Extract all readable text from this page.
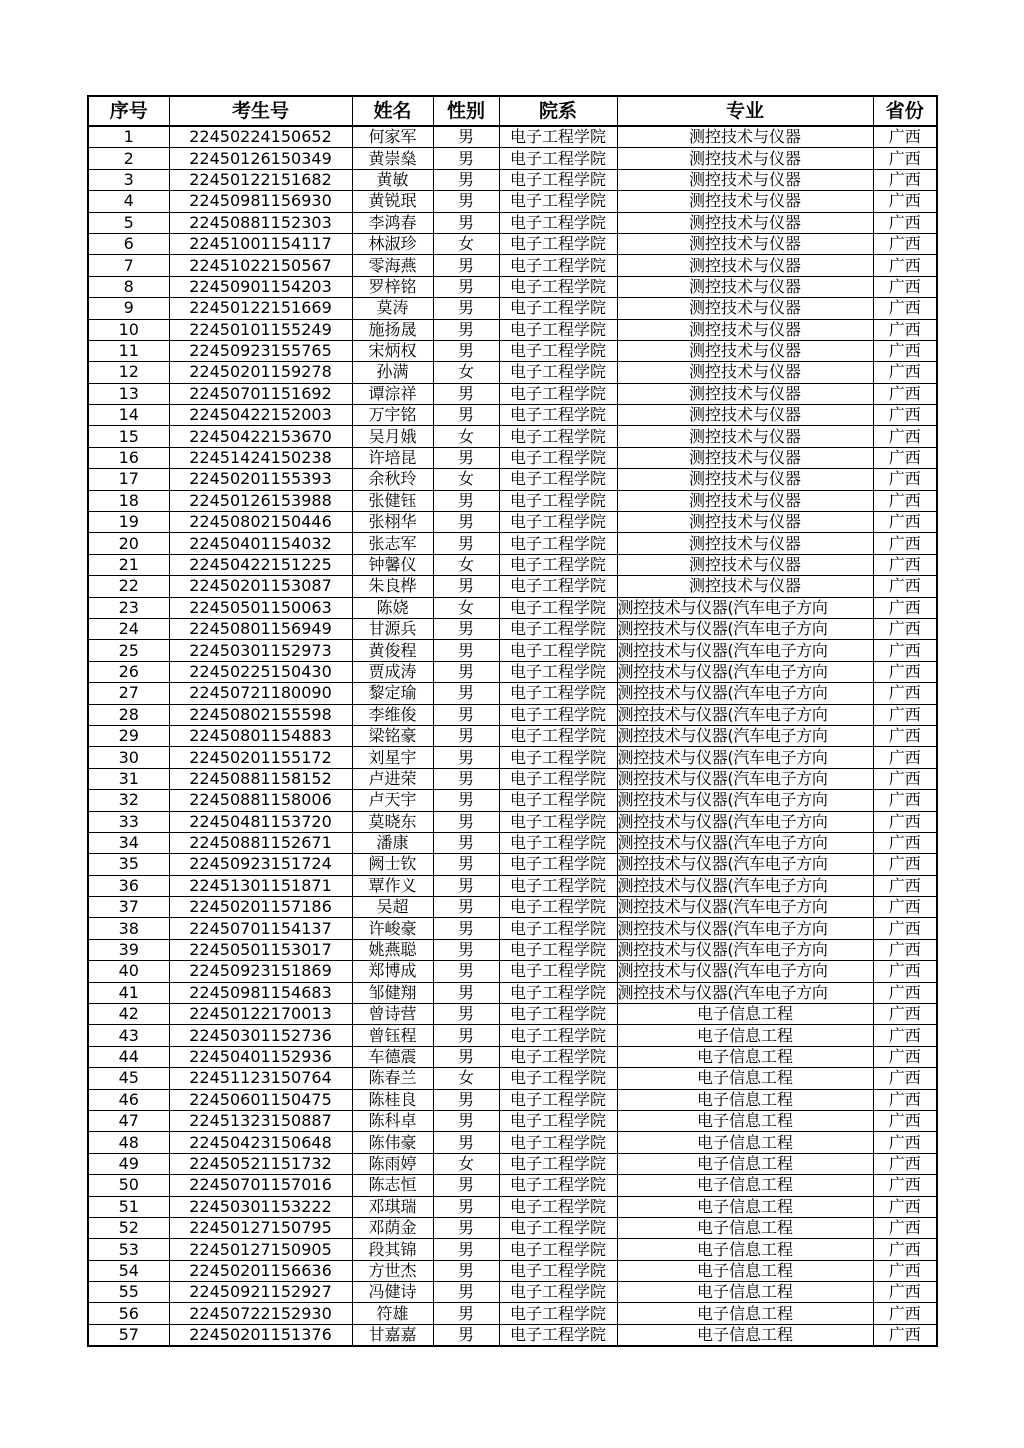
序号	考生号	姓名	性别	院系	专业	省份
1	22450224150652	何家军	男	电子工程学院	测控技术与仪器	广西
2	22450126150349	黄崇燊	男	电子工程学院	测控技术与仪器	广西
3	22450122151682	黄敏	男	电子工程学院	测控技术与仪器	广西
4	22450981156930	黄锐珉	男	电子工程学院	测控技术与仪器	广西
5	22450881152303	李鸿春	男	电子工程学院	测控技术与仪器	广西
6	22451001154117	林淑珍	女	电子工程学院	测控技术与仪器	广西
7	22451022150567	零海燕	男	电子工程学院	测控技术与仪器	广西
8	22450901154203	罗梓铭	男	电子工程学院	测控技术与仪器	广西
9	22450122151669	莫涛	男	电子工程学院	测控技术与仪器	广西
10	22450101155249	施扬晟	男	电子工程学院	测控技术与仪器	广西
11	22450923155765	宋炳权	男	电子工程学院	测控技术与仪器	广西
12	22450201159278	孙满	女	电子工程学院	测控技术与仪器	广西
13	22450701151692	谭淙祥	男	电子工程学院	测控技术与仪器	广西
14	22450422152003	万宇铭	男	电子工程学院	测控技术与仪器	广西
15	22450422153670	吴月娥	女	电子工程学院	测控技术与仪器	广西
16	22451424150238	许培昆	男	电子工程学院	测控技术与仪器	广西
17	22450201155393	余秋玲	女	电子工程学院	测控技术与仪器	广西
18	22450126153988	张健钰	男	电子工程学院	测控技术与仪器	广西
19	22450802150446	张栩华	男	电子工程学院	测控技术与仪器	广西
20	22450401154032	张志军	男	电子工程学院	测控技术与仪器	广西
21	22450422151225	钟馨仪	女	电子工程学院	测控技术与仪器	广西
22	22450201153087	朱良桦	男	电子工程学院	测控技术与仪器	广西
23	22450501150063	陈娆	女	电子工程学院	测控技术与仪器(汽车电子方向	广西
24	22450801156949	甘源兵	男	电子工程学院	测控技术与仪器(汽车电子方向	广西
25	22450301152973	黄俊程	男	电子工程学院	测控技术与仪器(汽车电子方向	广西
26	22450225150430	贾成涛	男	电子工程学院	测控技术与仪器(汽车电子方向	广西
27	22450721180090	黎定瑜	男	电子工程学院	测控技术与仪器(汽车电子方向	广西
28	22450802155598	李维俊	男	电子工程学院	测控技术与仪器(汽车电子方向	广西
29	22450801154883	梁铭豪	男	电子工程学院	测控技术与仪器(汽车电子方向	广西
30	22450201155172	刘星宇	男	电子工程学院	测控技术与仪器(汽车电子方向	广西
31	22450881158152	卢进荣	男	电子工程学院	测控技术与仪器(汽车电子方向	广西
32	22450881158006	卢天宇	男	电子工程学院	测控技术与仪器(汽车电子方向	广西
33	22450481153720	莫晓东	男	电子工程学院	测控技术与仪器(汽车电子方向	广西
34	22450881152671	潘康	男	电子工程学院	测控技术与仪器(汽车电子方向	广西
35	22450923151724	阙士钦	男	电子工程学院	测控技术与仪器(汽车电子方向	广西
36	22451301151871	覃作义	男	电子工程学院	测控技术与仪器(汽车电子方向	广西
37	22450201157186	吴超	男	电子工程学院	测控技术与仪器(汽车电子方向	广西
38	22450701154137	许峻豪	男	电子工程学院	测控技术与仪器(汽车电子方向	广西
39	22450501153017	姚燕聪	男	电子工程学院	测控技术与仪器(汽车电子方向	广西
40	22450923151869	郑博成	男	电子工程学院	测控技术与仪器(汽车电子方向	广西
41	22450981154683	邹健翔	男	电子工程学院	测控技术与仪器(汽车电子方向	广西
42	22450122170013	曾诗营	男	电子工程学院	电子信息工程	广西
43	22450301152736	曾钰程	男	电子工程学院	电子信息工程	广西
44	22450401152936	车德震	男	电子工程学院	电子信息工程	广西
45	22451123150764	陈春兰	女	电子工程学院	电子信息工程	广西
46	22450601150475	陈桂良	男	电子工程学院	电子信息工程	广西
47	22451323150887	陈科卓	男	电子工程学院	电子信息工程	广西
48	22450423150648	陈伟豪	男	电子工程学院	电子信息工程	广西
49	22450521151732	陈雨婷	女	电子工程学院	电子信息工程	广西
50	22450701157016	陈志恒	男	电子工程学院	电子信息工程	广西
51	22450301153222	邓琪瑞	男	电子工程学院	电子信息工程	广西
52	22450127150795	邓荫金	男	电子工程学院	电子信息工程	广西
53	22450127150905	段其锦	男	电子工程学院	电子信息工程	广西
54	22450201156636	方世杰	男	电子工程学院	电子信息工程	广西
55	22450921152927	冯健诗	男	电子工程学院	电子信息工程	广西
56	22450722152930	符雄	男	电子工程学院	电子信息工程	广西
57	22450201151376	甘嘉嘉	男	电子工程学院	电子信息工程	广西
